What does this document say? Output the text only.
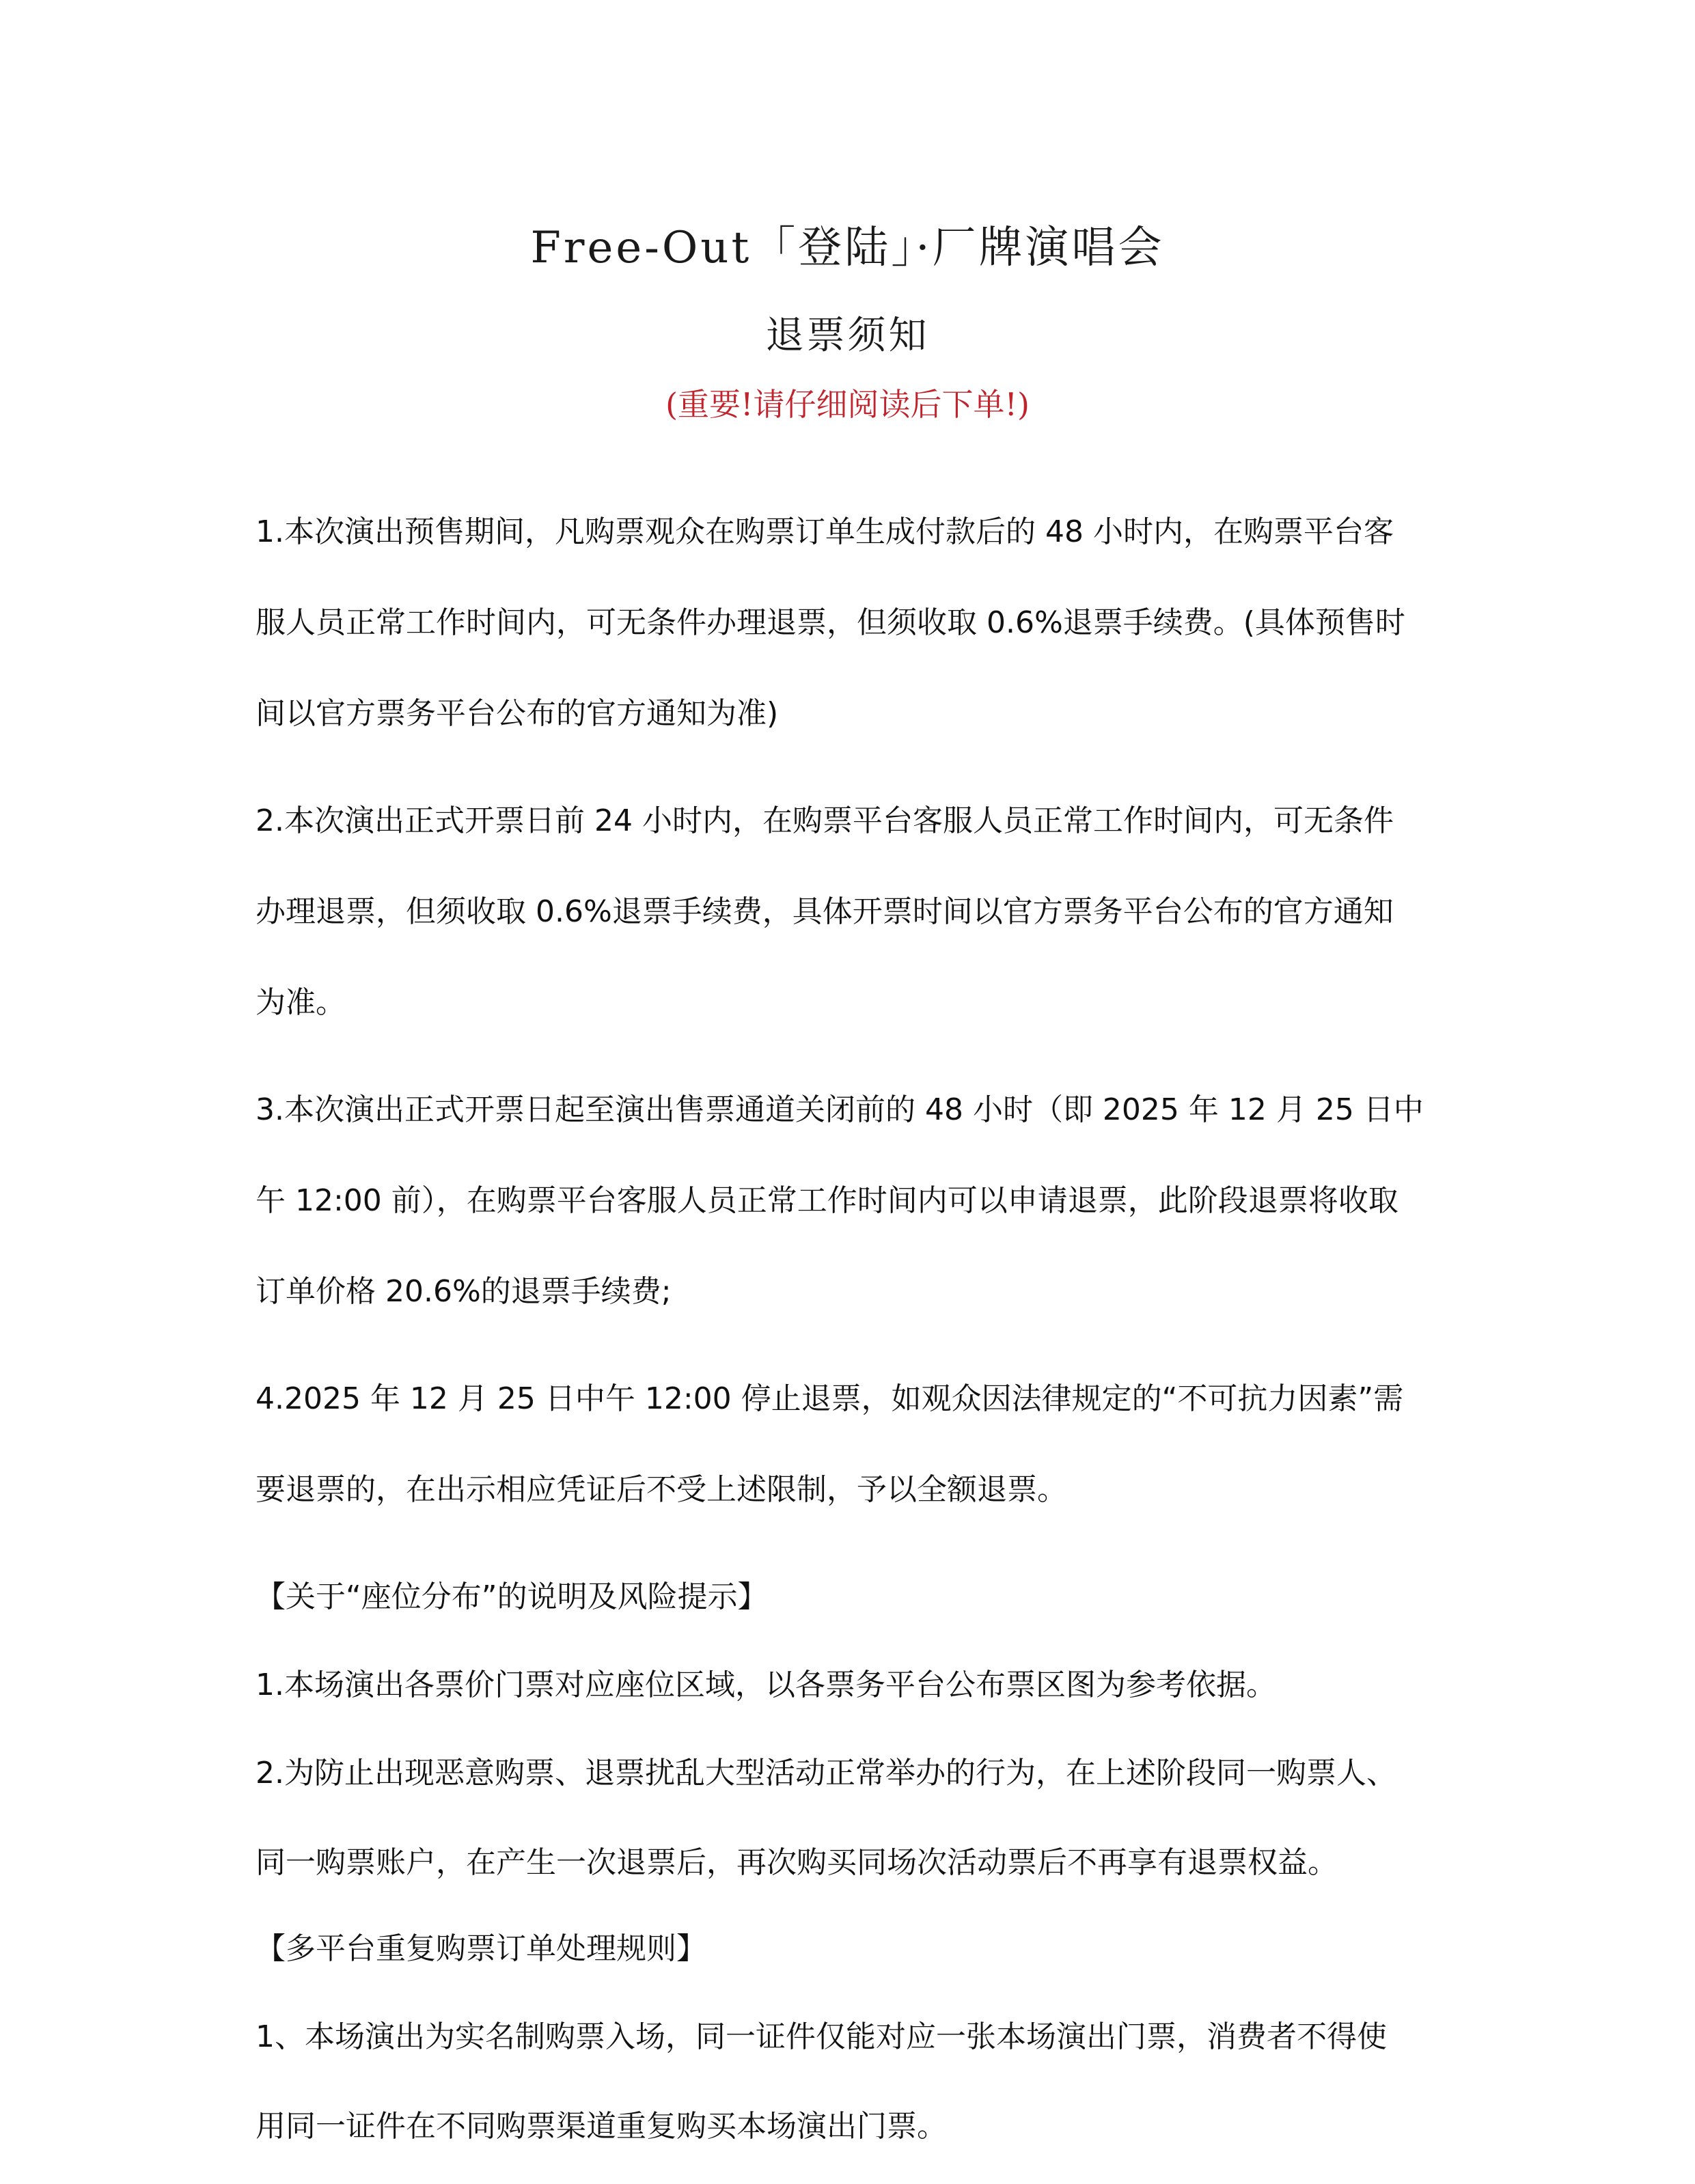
Free-Out「登陆」·厂牌演唱会
退票须知
(重要!请仔细阅读后下单!)
1.本次演出预售期间，凡购票观众在购票订单生成付款后的 48 小时内，在购票平台客
服人员正常工作时间内，可无条件办理退票，但须收取 0.6%退票手续费。(具体预售时
间以官方票务平台公布的官方通知为准)
2.本次演出正式开票日前 24 小时内，在购票平台客服人员正常工作时间内，可无条件
办理退票，但须收取 0.6%退票手续费，具体开票时间以官方票务平台公布的官方通知
为准。
3.本次演出正式开票日起至演出售票通道关闭前的 48 小时（即 2025 年 12 月 25 日中
午 12:00 前），在购票平台客服人员正常工作时间内可以申请退票，此阶段退票将收取
订单价格 20.6%的退票手续费;
4.2025 年 12 月 25 日中午 12:00 停止退票，如观众因法律规定的“不可抗力因素”需
要退票的，在出示相应凭证后不受上述限制，予以全额退票。
【关于“座位分布”的说明及风险提示】
1.本场演出各票价门票对应座位区域，以各票务平台公布票区图为参考依据。
2.为防止出现恶意购票、退票扰乱大型活动正常举办的行为，在上述阶段同一购票人、
同一购票账户，在产生一次退票后，再次购买同场次活动票后不再享有退票权益。
【多平台重复购票订单处理规则】
1、本场演出为实名制购票入场，同一证件仅能对应一张本场演出门票，消费者不得使
用同一证件在不同购票渠道重复购买本场演出门票。
